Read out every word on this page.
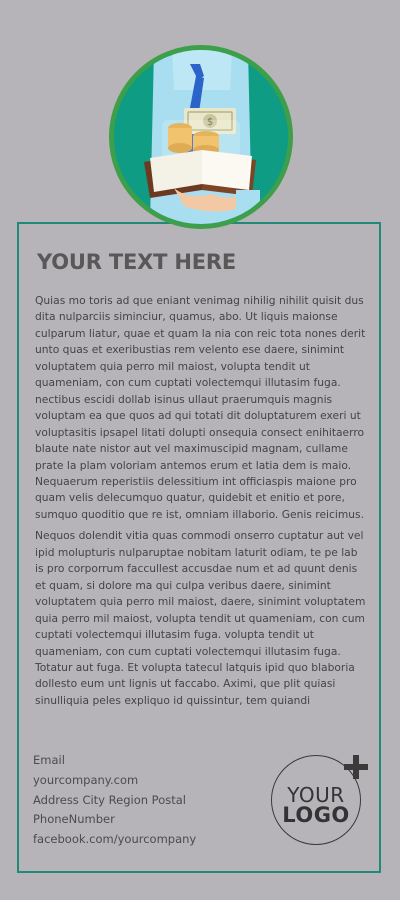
$
YOUR TEXT HERE

Quias mo toris ad que eniant venimag nihilig nihilit quisit dus dita nulparciis siminciur, quamus, abo. Ut liquis maionse culparum liatur, quae et quam la nia con reic tota nones derit unto quas et exeribustias rem velento ese daere, sinimint voluptatem quia perro mil maiost, volupta tendit ut quameniam, con cum cuptati volectemqui illutasim fuga. nectibus escidi dollab isinus ullaut praerumquis magnis voluptam ea que quos ad qui totati dit doluptaturem exeri ut voluptasitis ipsapel litati dolupti onsequia consect enihitaerro blaute nate nistor aut vel maximuscipid magnam, cullame prate la plam voloriam antemos erum et latia dem is maio. Nequaerum reperistiis delessitium int officiaspis maione pro quam velis delecumquo quatur, quidebit et enitio et pore, sumquo quoditio que re ist, omniam illaborio. Genis reicimus.

Nequos dolendit vitia quas commodi onserro cuptatur aut vel ipid molupturis nulparuptae nobitam laturit odiam, te pe lab is pro corporrum faccullest accusdae num et ad quunt denis et quam, si dolore ma qui culpa veribus daere, sinimint voluptatem quia perro mil maiost, daere, sinimint voluptatem quia perro mil maiost, volupta tendit ut quameniam, con cum cuptati volectemqui illutasim fuga. volupta tendit ut quameniam, con cum cuptati volectemqui illutasim fuga. Totatur aut fuga. Et volupta tatecul latquis ipid quo blaboria dollesto eum unt lignis ut faccabo. Aximi, que plit quiasi sinulliquia peles expliquo id quissintur, tem quiandi

Email
yourcompany.com
Address City Region Postal
PhoneNumber
facebook.com/yourcompany
YOUR
LOGO
